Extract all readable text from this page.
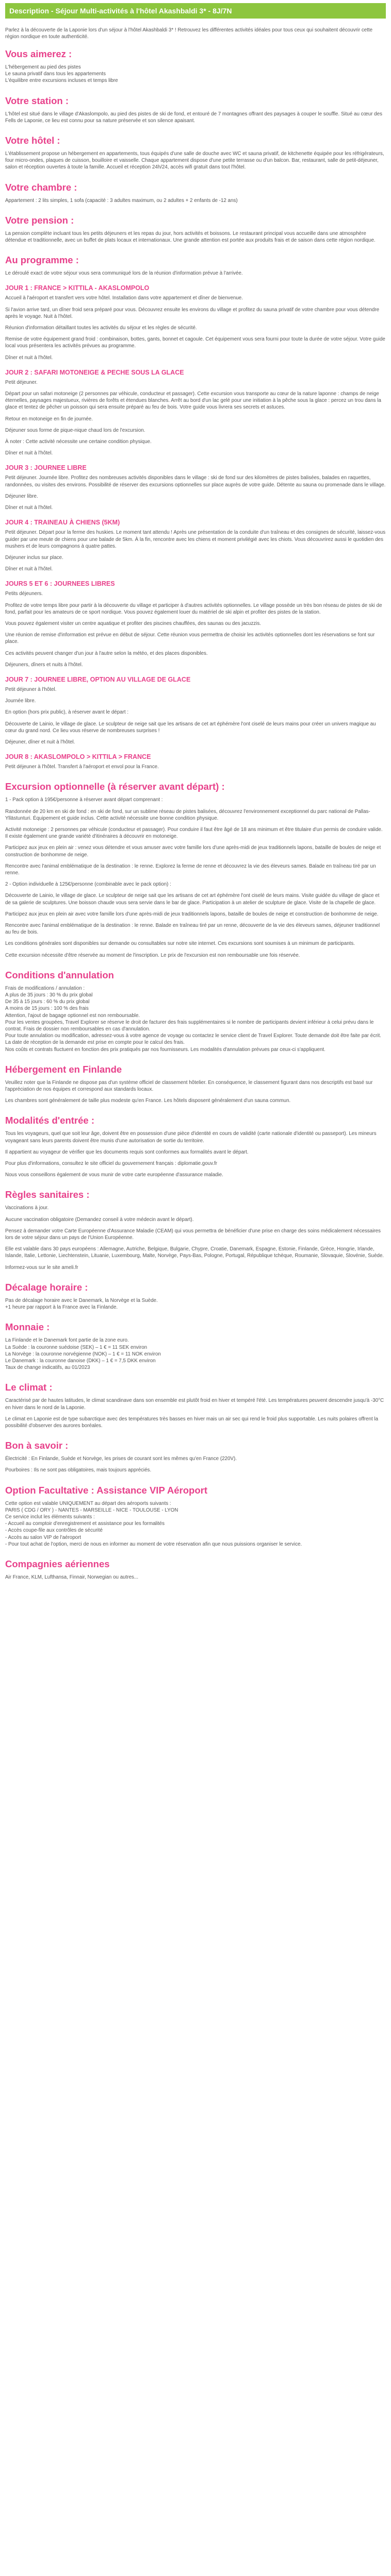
Description - Séjour Multi-activités à l'hôtel Akashbaldi 3* - 8J/7N
Parlez à la découverte de la Laponie lors d'un séjour à l'hôtel Akashbaldi 3* ! Retrouvez les différentes activités idéales pour tous ceux qui souhaitent découvrir cette région nordique en toute authenticité.
Vous aimerez :

L'hébergement au pied des pistes

Le sauna privatif dans tous les appartements

L'équilibre entre excursions incluses et temps libre

Votre station :

L'hôtel est situé dans le village d'Akaslompolo, au pied des pistes de ski de fond, et entouré de 7 montagnes offrant des paysages à couper le souffle. Situé au cœur des Fells de Laponie, ce lieu est connu pour sa nature préservée et son silence apaisant.

Votre hôtel :

L'établissement propose un hébergement en appartements, tous équipés d'une salle de douche avec WC et sauna privatif, de kitchenette équipée pour les réfrigérateurs, four micro-ondes, plaques de cuisson, bouilloire et vaisselle. Chaque appartement dispose d'une petite terrasse ou d'un balcon. Bar, restaurant, salle de petit-déjeuner, salon et réception ouvertes à toute la famille. Accueil et réception 24h/24, accès wifi gratuit dans tout l'hôtel.

Votre chambre :

Appartement : 2 lits simples, 1 sofa (capacité : 3 adultes maximum, ou 2 adultes + 2 enfants de -12 ans)

Votre pension :

La pension complète incluant tous les petits déjeuners et les repas du jour, hors activités et boissons. Le restaurant principal vous accueille dans une atmosphère détendue et traditionnelle, avec un buffet de plats locaux et internationaux. Une grande attention est portée aux produits frais et de saison dans cette région nordique.

Au programme :

Le déroulé exact de votre séjour vous sera communiqué lors de la réunion d'information prévue à l'arrivée.

JOUR 1 : FRANCE > KITTILA - AKASLOMPOLO

Accueil à l'aéroport et transfert vers votre hôtel. Installation dans votre appartement et dîner de bienvenue.

Si l'avion arrive tard, un dîner froid sera préparé pour vous. Découvrez ensuite les environs du village et profitez du sauna privatif de votre chambre pour vous détendre après le voyage. Nuit à l'hôtel.

Réunion d'information détaillant toutes les activités du séjour et les règles de sécurité.

Remise de votre équipement grand froid : combinaison, bottes, gants, bonnet et cagoule. Cet équipement vous sera fourni pour toute la durée de votre séjour. Votre guide local vous présentera les activités prévues au programme.

Dîner et nuit à l'hôtel.

JOUR 2 : SAFARI MOTONEIGE & PECHE SOUS LA GLACE

Petit déjeuner.

Départ pour un safari motoneige (2 personnes par véhicule, conducteur et passager). Cette excursion vous transporte au cœur de la nature laponne : champs de neige éternelles, paysages majestueux, rivières de forêts et étendues blanches. Arrêt au bord d'un lac gelé pour une initiation à la pêche sous la glace : percez un trou dans la glace et tentez de pêcher un poisson qui sera ensuite préparé au feu de bois. Votre guide vous livrera ses secrets et astuces.

Retour en motoneige en fin de journée.

Déjeuner sous forme de pique-nique chaud lors de l'excursion.

À noter : Cette activité nécessite une certaine condition physique.

Dîner et nuit à l'hôtel.

JOUR 3 : JOURNEE LIBRE

Petit déjeuner. Journée libre. Profitez des nombreuses activités disponibles dans le village : ski de fond sur des kilomètres de pistes balisées, balades en raquettes, randonnées, ou visites des environs. Possibilité de réserver des excursions optionnelles sur place auprès de votre guide. Détente au sauna ou promenade dans le village.

Déjeuner libre.

Dîner et nuit à l'hôtel.

JOUR 4 : TRAINEAU À CHIENS (5KM)

Petit déjeuner. Départ pour la ferme des huskies. Le moment tant attendu ! Après une présentation de la conduite d'un traîneau et des consignes de sécurité, laissez-vous guider par une meute de chiens pour une balade de 5km. À la fin, rencontre avec les chiens et moment privilégié avec les chiots. Vous découvrirez aussi le quotidien des mushers et de leurs compagnons à quatre pattes.

Déjeuner inclus sur place.

Dîner et nuit à l'hôtel.

JOURS 5 ET 6 : JOURNEES LIBRES

Petits déjeuners.

Profitez de votre temps libre pour partir à la découverte du village et participer à d'autres activités optionnelles. Le village possède un très bon réseau de pistes de ski de fond, parfait pour les amateurs de ce sport nordique. Vous pouvez également louer du matériel de ski alpin et profiter des pistes de la station.

Vous pouvez également visiter un centre aquatique et profiter des piscines chauffées, des saunas ou des jacuzzis.

Une réunion de remise d'information est prévue en début de séjour. Cette réunion vous permettra de choisir les activités optionnelles dont les réservations se font sur place.

Ces activités peuvent changer d'un jour à l'autre selon la météo, et des places disponibles.

Déjeuners, dîners et nuits à l'hôtel.

JOUR 7 : JOURNEE LIBRE, OPTION AU VILLAGE DE GLACE

Petit déjeuner à l'hôtel.

Journée libre.

En option (hors prix public), à réserver avant le départ :

Découverte de Lainio, le village de glace. Le sculpteur de neige sait que les artisans de cet art éphémère l'ont ciselé de leurs mains pour créer un univers magique au cœur du grand nord. Ce lieu vous réserve de nombreuses surprises !

Déjeuner, dîner et nuit à l'hôtel.

JOUR 8 : AKASLOMPOLO > KITTILA > FRANCE

Petit déjeuner à l'hôtel. Transfert à l'aéroport et envol pour la France.

Excursion optionnelle (à réserver avant départ) :

1 - Pack option à 195€/personne à réserver avant départ comprenant :

Randonnée de 20 km en ski de fond : en ski de fond, sur un sublime réseau de pistes balisées, découvrez l'environnement exceptionnel du parc national de Pallas-Yllästunturi. Équipement et guide inclus. Cette activité nécessite une bonne condition physique.

Activité motoneige : 2 personnes par véhicule (conducteur et passager). Pour conduire il faut être âgé de 18 ans minimum et être titulaire d'un permis de conduire valide. Il existe également une grande variété d'itinéraires à découvrir en motoneige.

Participez aux jeux en plein air : venez vous détendre et vous amuser avec votre famille lors d'une après-midi de jeux traditionnels lapons, bataille de boules de neige et construction de bonhomme de neige.

Rencontre avec l'animal emblématique de la destination : le renne. Explorez la ferme de renne et découvrez la vie des éleveurs sames. Balade en traîneau tiré par un renne.

2 - Option individuelle à 125€/personne (combinable avec le pack option) :

Découverte de Lainio, le village de glace. Le sculpteur de neige sait que les artisans de cet art éphémère l'ont ciselé de leurs mains. Visite guidée du village de glace et de sa galerie de sculptures. Une boisson chaude vous sera servie dans le bar de glace. Participation à un atelier de sculpture de glace. Visite de la chapelle de glace.

Participez aux jeux en plein air avec votre famille lors d'une après-midi de jeux traditionnels lapons, bataille de boules de neige et construction de bonhomme de neige.

Rencontre avec l'animal emblématique de la destination : le renne. Balade en traîneau tiré par un renne, découverte de la vie des éleveurs sames, déjeuner traditionnel au feu de bois.

Les conditions générales sont disponibles sur demande ou consultables sur notre site internet. Ces excursions sont soumises à un minimum de participants.

Cette excursion nécessite d'être réservée au moment de l'inscription. Le prix de l'excursion est non remboursable une fois réservée.

Conditions d'annulation

Frais de modifications / annulation :

A plus de 35 jours : 30 % du prix global

De 35 à 15 jours : 60 % du prix global

A moins de 15 jours : 100 % des frais

Attention, l'ajout de bagage optionnel est non remboursable.

Pour les ventes groupées, Travel Explorer se réserve le droit de facturer des frais supplémentaires si le nombre de participants devient inférieur à celui prévu dans le contrat. Frais de dossier non remboursables en cas d'annulation.

Pour toute annulation ou modification, adressez-vous à votre agence de voyage ou contactez le service client de Travel Explorer. Toute demande doit être faite par écrit. La date de réception de la demande est prise en compte pour le calcul des frais.

Nos coûts et contrats fluctuent en fonction des prix pratiqués par nos fournisseurs. Les modalités d'annulation prévues par ceux-ci s'appliquent.

Hébergement en Finlande

Veuillez noter que la Finlande ne dispose pas d'un système officiel de classement hôtelier. En conséquence, le classement figurant dans nos descriptifs est basé sur l'appréciation de nos équipes et correspond aux standards locaux.

Les chambres sont généralement de taille plus modeste qu'en France. Les hôtels disposent généralement d'un sauna commun.

Modalités d'entrée :

Tous les voyageurs, quel que soit leur âge, doivent être en possession d'une pièce d'identité en cours de validité (carte nationale d'identité ou passeport). Les mineurs voyageant sans leurs parents doivent être munis d'une autorisation de sortie du territoire.

Il appartient au voyageur de vérifier que les documents requis sont conformes aux formalités avant le départ.

Pour plus d'informations, consultez le site officiel du gouvernement français : diplomatie.gouv.fr

Nous vous conseillons également de vous munir de votre carte européenne d'assurance maladie.

Règles sanitaires :

Vaccinations à jour.

Aucune vaccination obligatoire (Demandez conseil à votre médecin avant le départ).

Pensez à demander votre Carte Européenne d'Assurance Maladie (CEAM) qui vous permettra de bénéficier d'une prise en charge des soins médicalement nécessaires lors de votre séjour dans un pays de l'Union Européenne.

Elle est valable dans 30 pays européens : Allemagne, Autriche, Belgique, Bulgarie, Chypre, Croatie, Danemark, Espagne, Estonie, Finlande, Grèce, Hongrie, Irlande, Islande, Italie, Lettonie, Liechtenstein, Lituanie, Luxembourg, Malte, Norvège, Pays-Bas, Pologne, Portugal, République tchèque, Roumanie, Slovaquie, Slovénie, Suède.

Informez-vous sur le site ameli.fr

Décalage horaire :

Pas de décalage horaire avec le Danemark, la Norvège et la Suède.

+1 heure par rapport à la France avec la Finlande.

Monnaie :

La Finlande et le Danemark font partie de la zone euro.

La Suède : la couronne suédoise (SEK) – 1 € = 11 SEK environ

La Norvège : la couronne norvégienne (NOK) – 1 € = 11 NOK environ

Le Danemark : la couronne danoise (DKK) – 1 € = 7,5 DKK environ

Taux de change indicatifs, au 01/2023

Le climat :

Caractérisé par de hautes latitudes, le climat scandinave dans son ensemble est plutôt froid en hiver et tempéré l'été. Les températures peuvent descendre jusqu'à -30°C en hiver dans le nord de la Laponie.

Le climat en Laponie est de type subarctique avec des températures très basses en hiver mais un air sec qui rend le froid plus supportable. Les nuits polaires offrent la possibilité d'observer des aurores boréales.

Bon à savoir :

Électricité : En Finlande, Suède et Norvège, les prises de courant sont les mêmes qu'en France (220V).

Pourboires : Ils ne sont pas obligatoires, mais toujours appréciés.

Option Facultative : Assistance VIP Aéroport

Cette option est valable UNIQUEMENT au départ des aéroports suivants :

PARIS ( CDG / ORY ) - NANTES - MARSEILLE - NICE - TOULOUSE - LYON

Ce service inclut les éléments suivants :

- Accueil au comptoir d'enregistrement et assistance pour les formalités

- Accès coupe-file aux contrôles de sécurité

- Accès au salon VIP de l'aéroport

- Pour tout achat de l'option, merci de nous en informer au moment de votre réservation afin que nous puissions organiser le service.

Compagnies aériennes

Air France, KLM, Lufthansa, Finnair, Norwegian ou autres...
